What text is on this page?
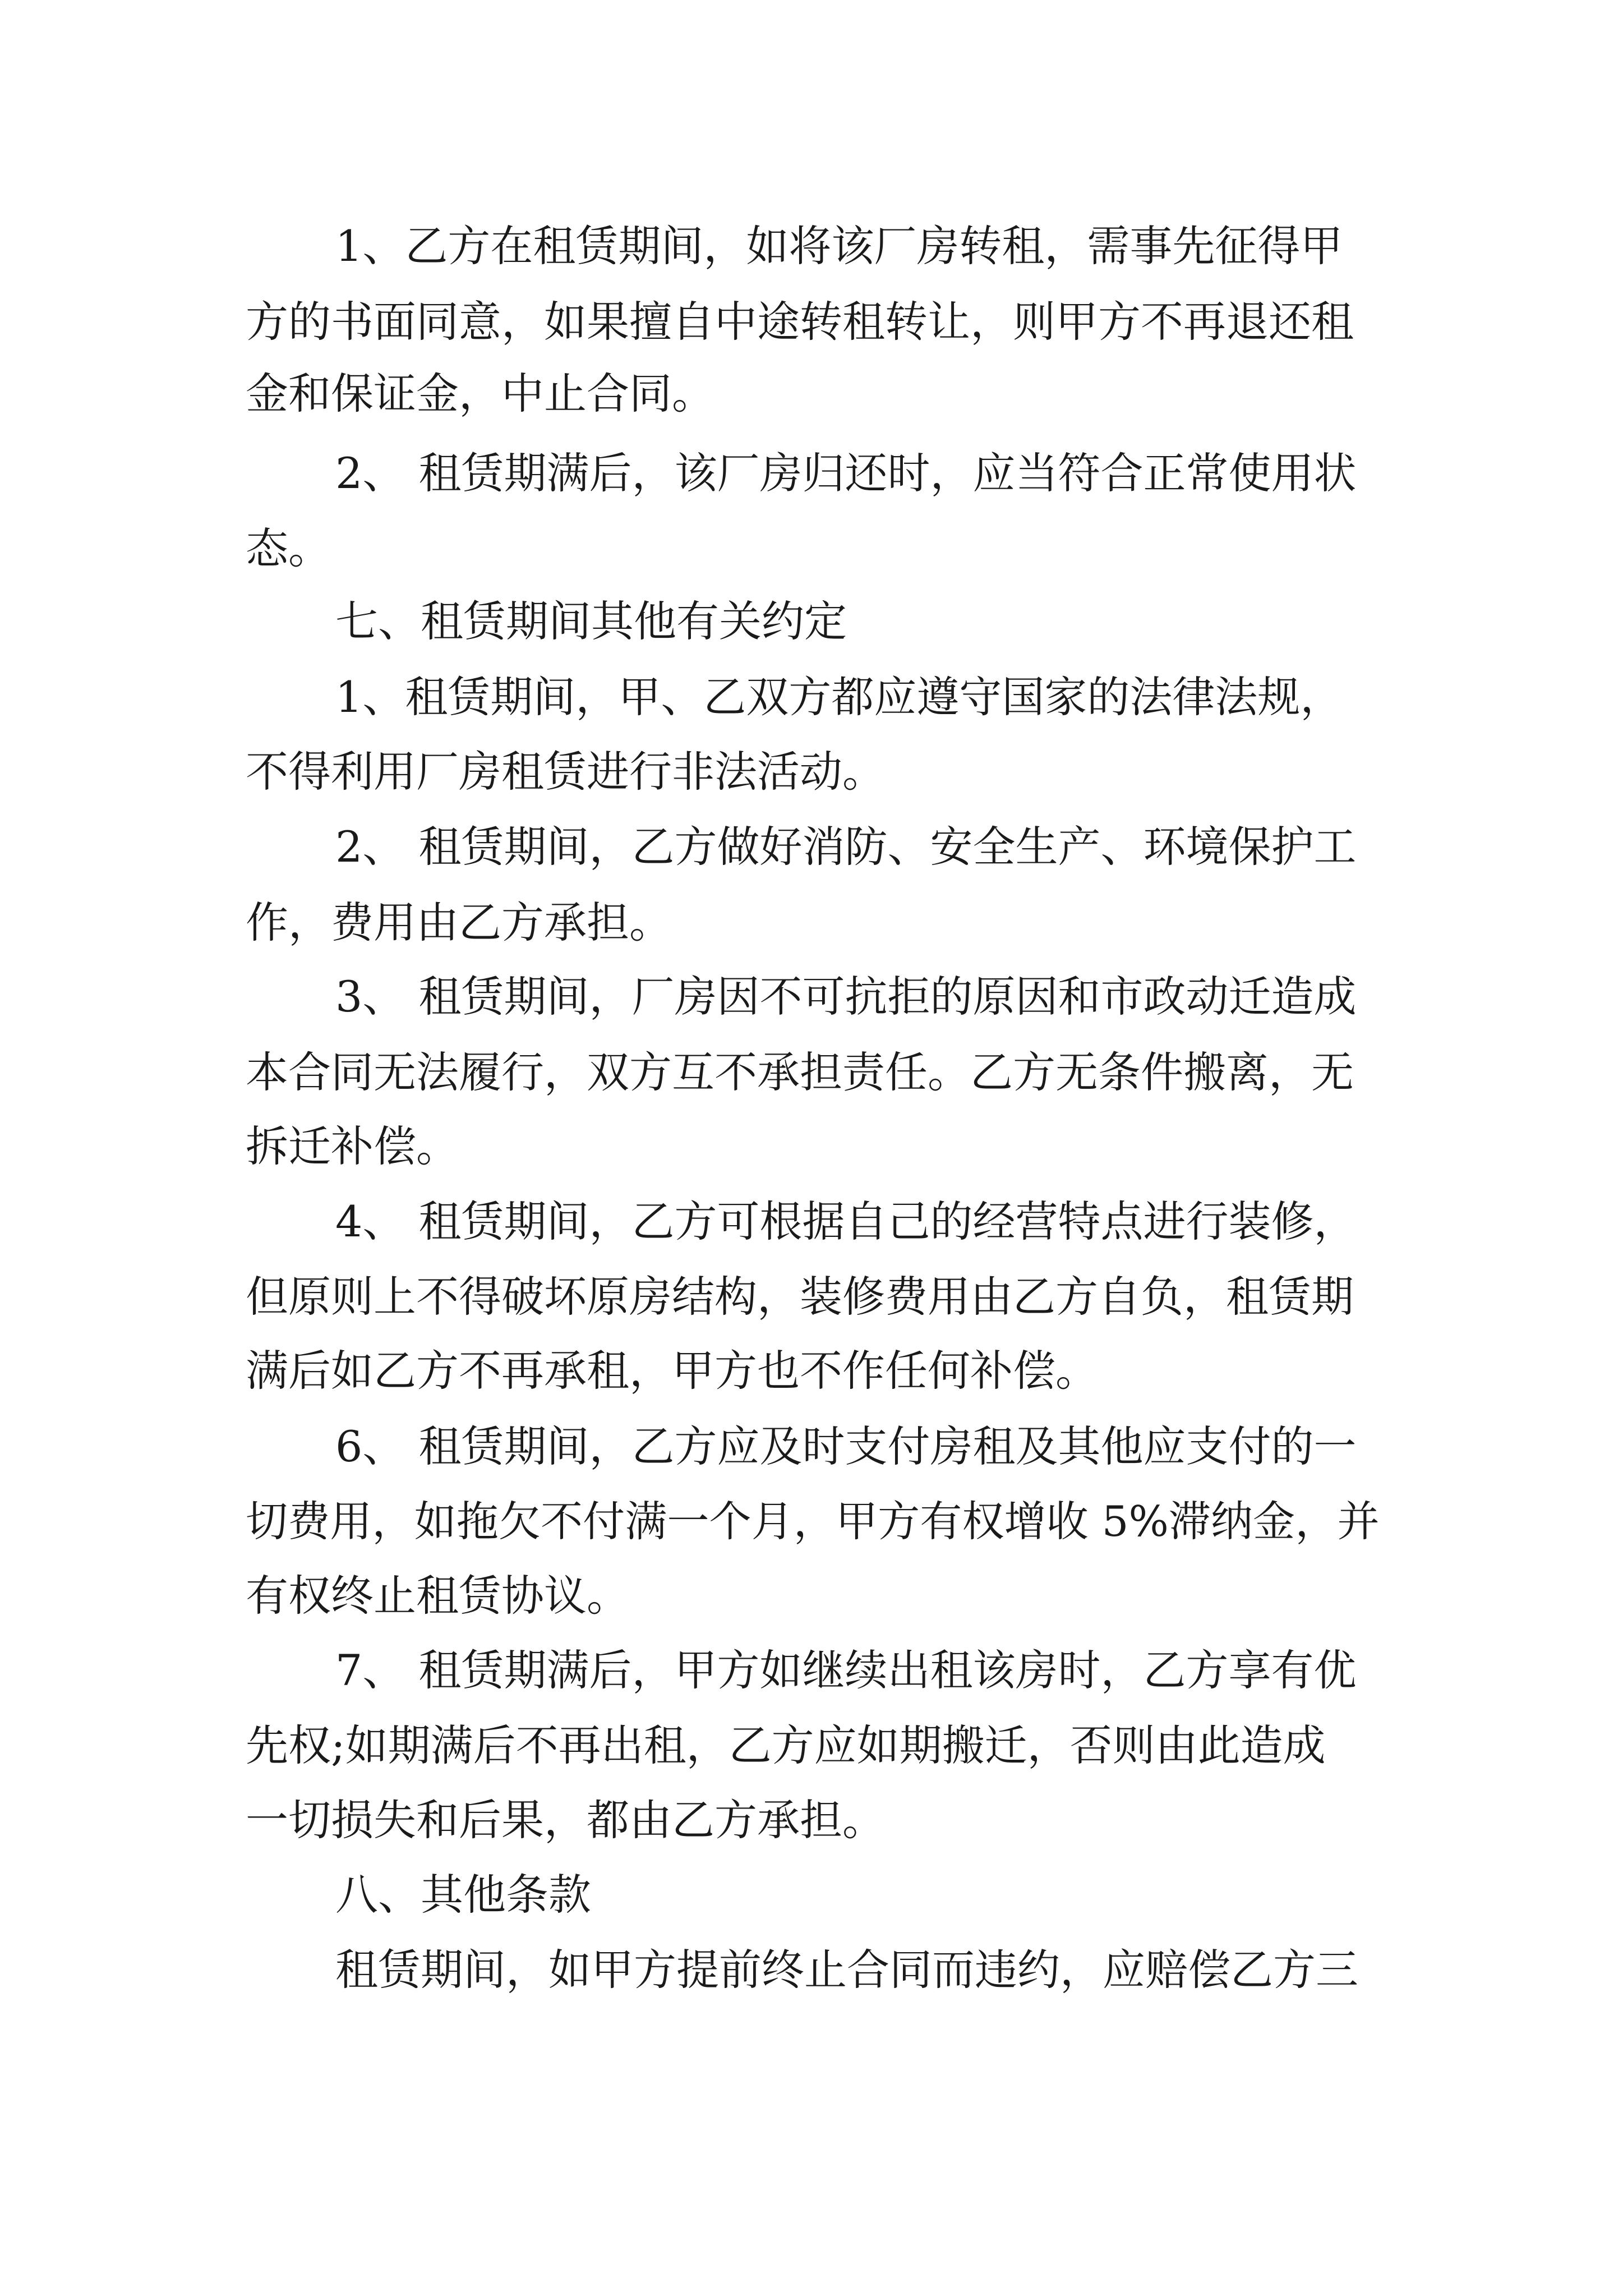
1、乙方在租赁期间，如将该厂房转租，需事先征得甲

方的书面同意，如果擅自中途转租转让，则甲方不再退还租

金和保证金，中止合同。

2、 租赁期满后，该厂房归还时，应当符合正常使用状

态。

七、租赁期间其他有关约定

1、租赁期间，甲、乙双方都应遵守国家的法律法规，

不得利用厂房租赁进行非法活动。

2、 租赁期间，乙方做好消防、安全生产、环境保护工

作，费用由乙方承担。

3、 租赁期间，厂房因不可抗拒的原因和市政动迁造成

本合同无法履行，双方互不承担责任。乙方无条件搬离，无

拆迁补偿。

4、 租赁期间，乙方可根据自己的经营特点进行装修，

但原则上不得破坏原房结构，装修费用由乙方自负，租赁期

满后如乙方不再承租，甲方也不作任何补偿。

6、 租赁期间，乙方应及时支付房租及其他应支付的一

切费用，如拖欠不付满一个月，甲方有权增收 5%滞纳金，并

有权终止租赁协议。

7、 租赁期满后，甲方如继续出租该房时，乙方享有优

先权;如期满后不再出租，乙方应如期搬迁，否则由此造成

一切损失和后果，都由乙方承担。

八、其他条款

租赁期间，如甲方提前终止合同而违约，应赔偿乙方三
